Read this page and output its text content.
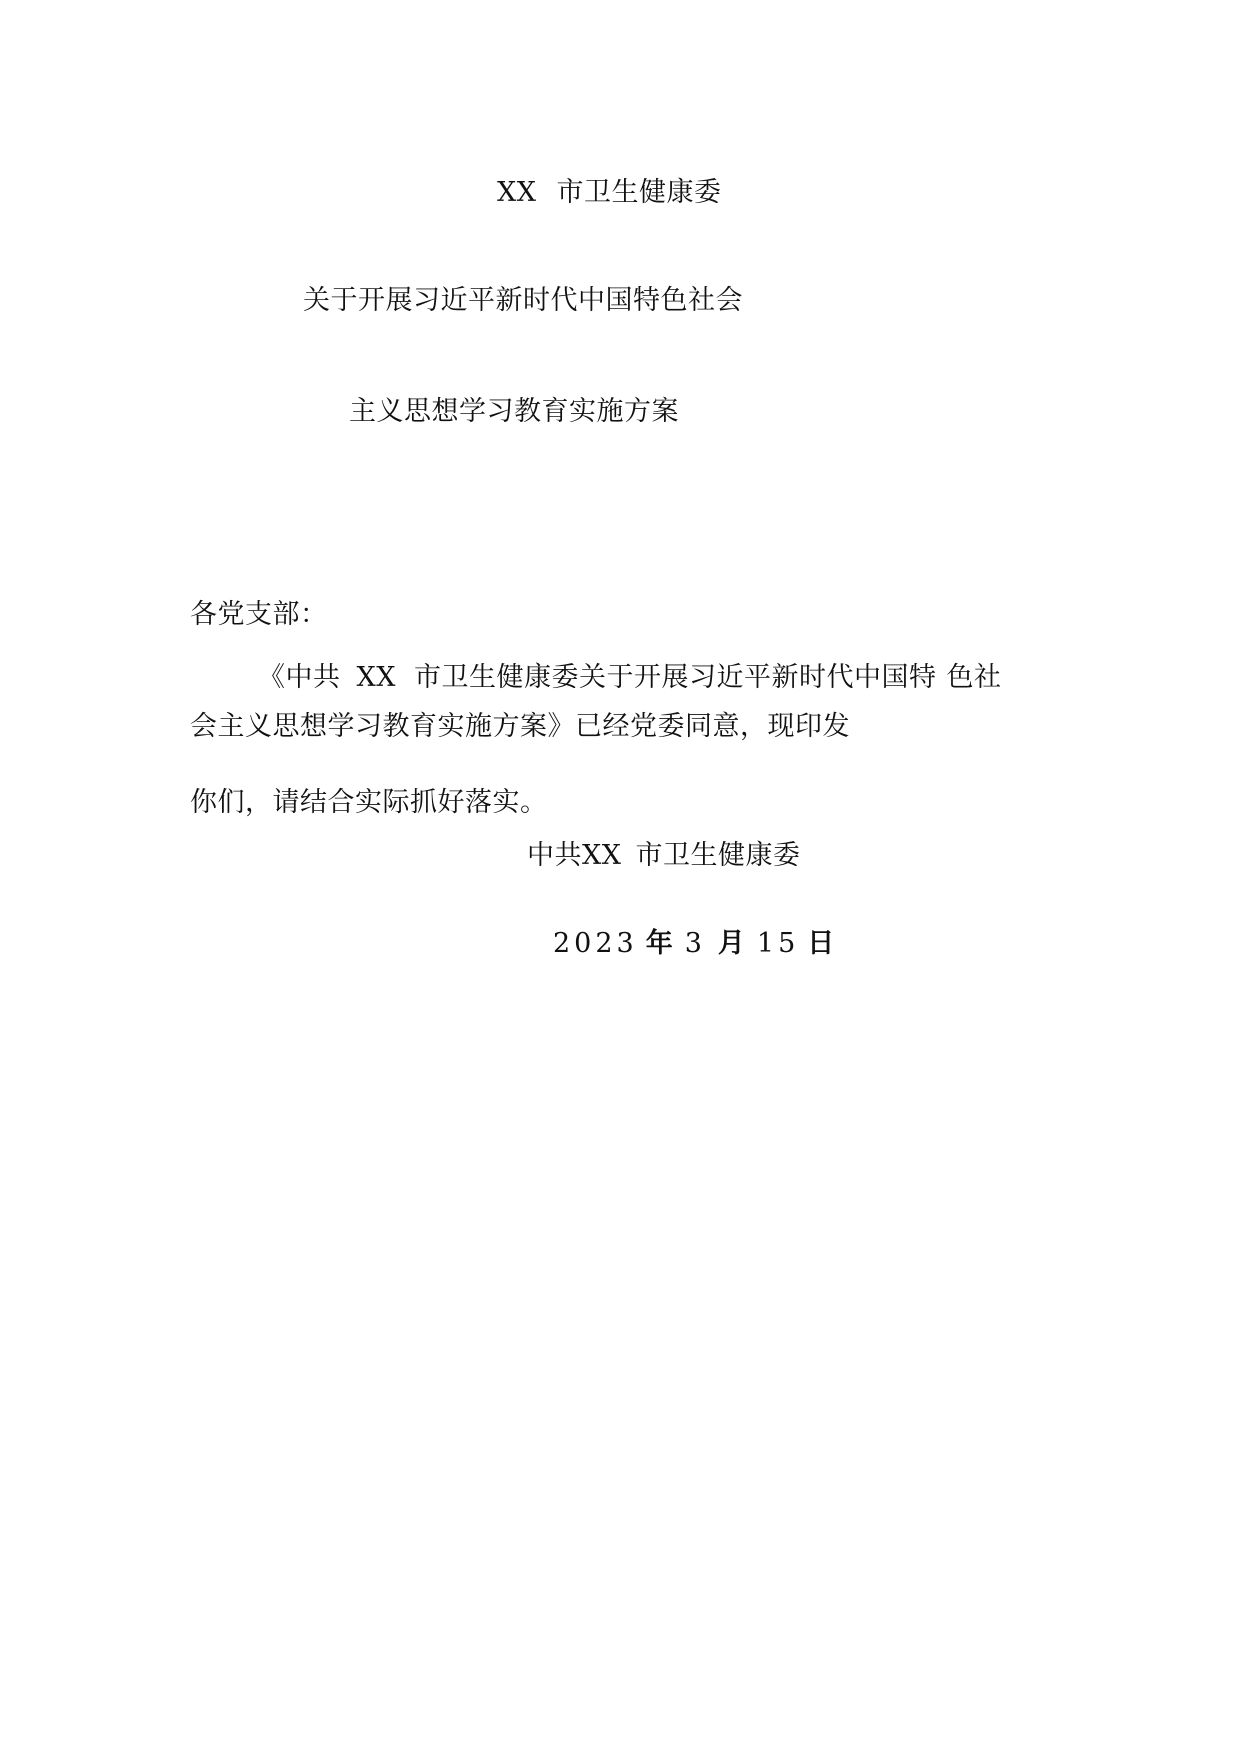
XX 市卫生健康委
关于开展习近平新时代中国特色社会
主义思想学习教育实施方案
各党支部：
《中共 XX 市卫生健康委关于开展习近平新时代中国特 色社
会主义思想学习教育实施方案》已经党委同意，现印发
你们，请结合实际抓好落实。
中共XX 市卫生健康委
2023 年 3 月 15 日
